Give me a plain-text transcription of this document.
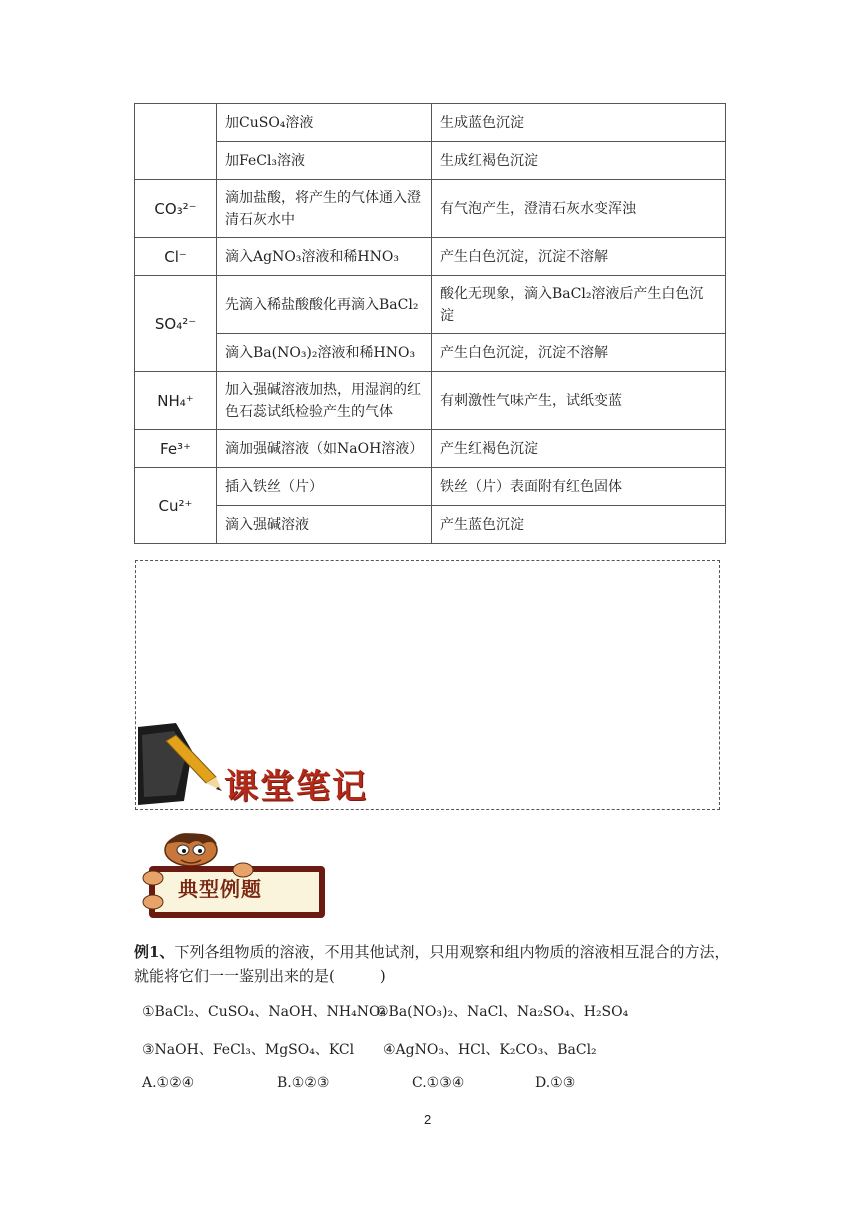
	加CuSO₄溶液	生成蓝色沉淀
	加FeCl₃溶液	生成红褐色沉淀
CO₃²⁻	滴加盐酸，将产生的气体通入澄清石灰水中	有气泡产生，澄清石灰水变浑浊
Cl⁻	滴入AgNO₃溶液和稀HNO₃	产生白色沉淀，沉淀不溶解
SO₄²⁻	先滴入稀盐酸酸化再滴入BaCl₂	酸化无现象，滴入BaCl₂溶液后产生白色沉淀
	滴入Ba(NO₃)₂溶液和稀HNO₃	产生白色沉淀，沉淀不溶解
NH₄⁺	加入强碱溶液加热，用湿润的红色石蕊试纸检验产生的气体	有刺激性气味产生，试纸变蓝
Fe³⁺	滴加强碱溶液（如NaOH溶液）	产生红褐色沉淀
Cu²⁺	插入铁丝（片）	铁丝（片）表面附有红色固体
	滴入强碱溶液	产生蓝色沉淀
课堂笔记
典型例题
例1、下列各组物质的溶液，不用其他试剂，只用观察和组内物质的溶液相互混合的方法，就能将它们一一鉴别出来的是(　　　)
①BaCl₂、CuSO₄、NaOH、NH₄NO₃
②Ba(NO₃)₂、NaCl、Na₂SO₄、H₂SO₄
③NaOH、FeCl₃、MgSO₄、KCl ④AgNO₃、HCl、K₂CO₃、BaCl₂
A.①②④	B.①②③	C.①③④	D.①③
2
